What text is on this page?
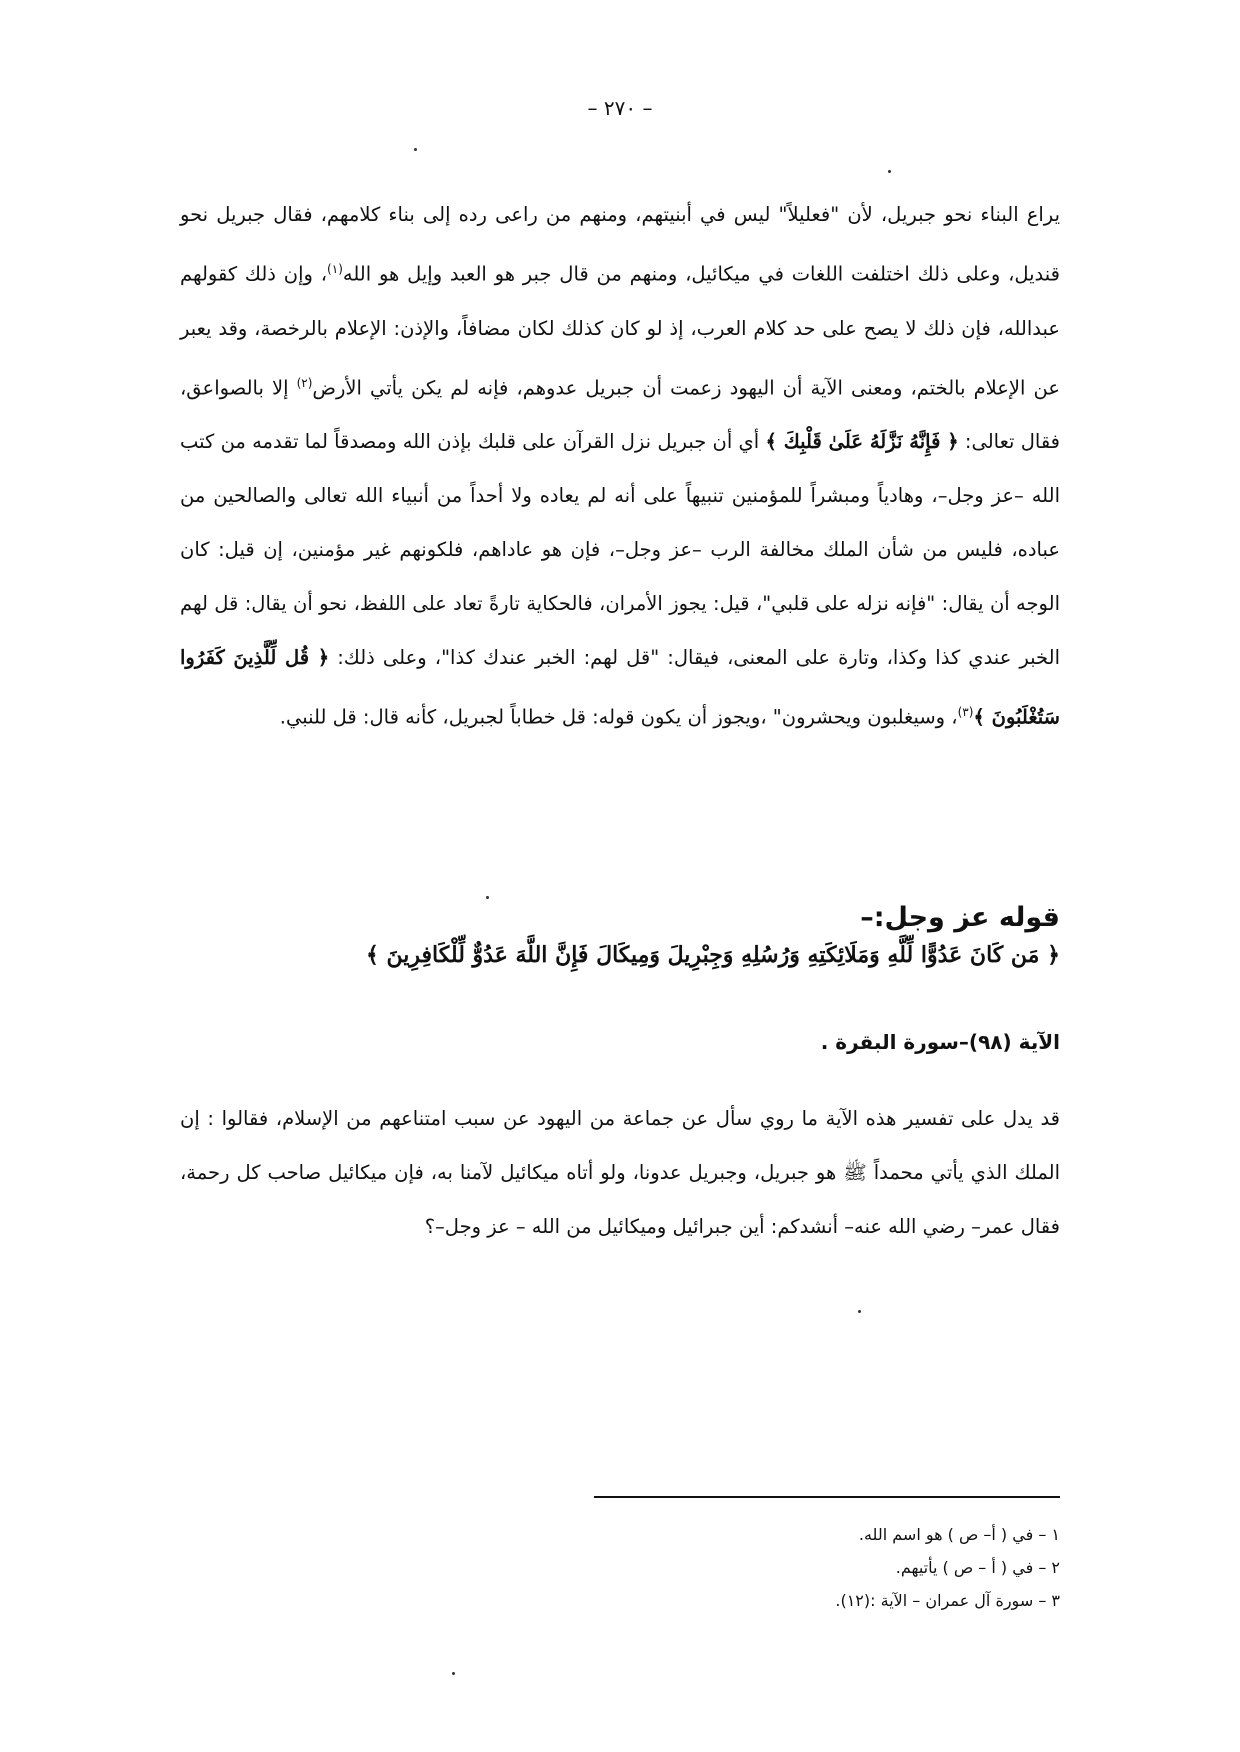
– ٢٧٠ –
يراع البناء نحو جبريل، لأن "فعليلاً" ليس في أبنيتهم، ومنهم من راعى رده إلى بناء كلامهم، فقال جبريل نحو قنديل، وعلى ذلك اختلفت اللغات في ميكائيل، ومنهم من قال جبر هو العبد وإيل هو الله$^{(١)}$، وإن ذلك كقولهم عبدالله، فإن ذلك لا يصح على حد كلام العرب، إذ لو كان كذلك لكان مضافاً، والإذن: الإعلام بالرخصة، وقد يعبر عن الإعلام بالختم، ومعنى الآية أن اليهود زعمت أن جبريل عدوهم، فإنه لم يكن يأتي الأرض$^{(٢)}$ إلا بالصواعق، فقال تعالى: ﴿ فَإِنَّهُ نَزَّلَهُ عَلَىٰ قَلْبِكَ ﴾ أي أن جبريل نزل القرآن على قلبك بإذن الله ومصدقاً لما تقدمه من كتب الله –عز وجل–، وهادياً ومبشراً للمؤمنين تنبيهاً على أنه لم يعاده ولا أحداً من أنبياء الله تعالى والصالحين من عباده، فليس من شأن الملك مخالفة الرب –عز وجل–، فإن هو عاداهم، فلكونهم غير مؤمنين، إن قيل: كان الوجه أن يقال: "فإنه نزله على قلبي"، قيل: يجوز الأمران، فالحكاية تارةً تعاد على اللفظ، نحو أن يقال: قل لهم الخبر عندي كذا وكذا، وتارة على المعنى، فيقال: "قل لهم: الخبر عندك كذا"، وعلى ذلك: ﴿ قُل لِّلَّذِينَ كَفَرُوا سَتُغْلَبُونَ ﴾$^{(٣)}$، وسيغلبون ويحشرون" ،ويجوز أن يكون قوله: قل خطاباً لجبريل، كأنه قال: قل للنبي.
قوله عز وجل:–
﴿ مَن كَانَ عَدُوًّا لِّلَّهِ وَمَلَائِكَتِهِ وَرُسُلِهِ وَجِبْرِيلَ وَمِيكَالَ فَإِنَّ اللَّهَ عَدُوٌّ لِّلْكَافِرِينَ ﴾
الآية (٩٨)–سورة البقرة .
قد يدل على تفسير هذه الآية ما روي سأل عن جماعة من اليهود عن سبب امتناعهم من الإسلام، فقالوا : إن الملك الذي يأتي محمداً ﷺ هو جبريل، وجبريل عدونا، ولو أتاه ميكائيل لآمنا به، فإن ميكائيل صاحب كل رحمة، فقال عمر– رضي الله عنه– أنشدكم: أين جبرائيل وميكائيل من الله – عز وجل–؟
١ – في ( أ– ص ) هو اسم الله.
٢ – في ( أ – ص ) يأتيهم.
٣ – سورة آل عمران – الآية :(١٢).
